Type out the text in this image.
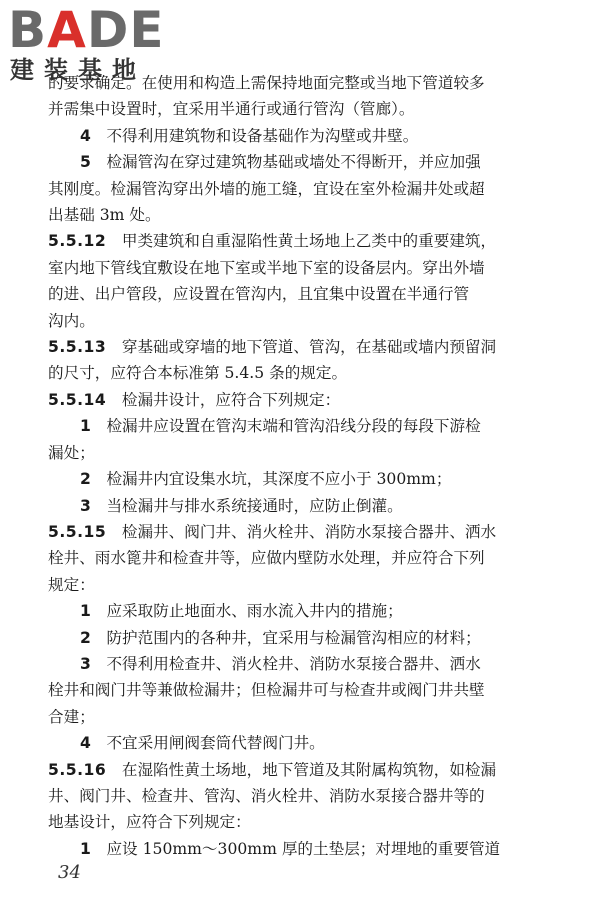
BADE
建装基地

的要求确定。在使用和构造上需保持地面完整或当地下管道较多

并需集中设置时，宜采用半通行或通行管沟（管廊）。

4  不得利用建筑物和设备基础作为沟壁或井壁。

5  检漏管沟在穿过建筑物基础或墙处不得断开，并应加强

其刚度。检漏管沟穿出外墙的施工缝，宜设在室外检漏井处或超

出基础 3m 处。

5.5.12  甲类建筑和自重湿陷性黄土场地上乙类中的重要建筑，

室内地下管线宜敷设在地下室或半地下室的设备层内。穿出外墙

的进、出户管段，应设置在管沟内，且宜集中设置在半通行管

沟内。

5.5.13  穿基础或穿墙的地下管道、管沟，在基础或墙内预留洞

的尺寸，应符合本标准第 5.4.5 条的规定。

5.5.14  检漏井设计，应符合下列规定：

1  检漏井应设置在管沟末端和管沟沿线分段的每段下游检

漏处；

2  检漏井内宜设集水坑，其深度不应小于 300mm；

3  当检漏井与排水系统接通时，应防止倒灌。

5.5.15  检漏井、阀门井、消火栓井、消防水泵接合器井、洒水

栓井、雨水篦井和检查井等，应做内壁防水处理，并应符合下列

规定：

1  应采取防止地面水、雨水流入井内的措施；

2  防护范围内的各种井，宜采用与检漏管沟相应的材料；

3  不得利用检查井、消火栓井、消防水泵接合器井、洒水

栓井和阀门井等兼做检漏井；但检漏井可与检查井或阀门井共壁

合建；

4  不宜采用闸阀套筒代替阀门井。

5.5.16  在湿陷性黄土场地，地下管道及其附属构筑物，如检漏

井、阀门井、检查井、管沟、消火栓井、消防水泵接合器井等的

地基设计，应符合下列规定：

1  应设 150mm～300mm 厚的土垫层；对埋地的重要管道

34
